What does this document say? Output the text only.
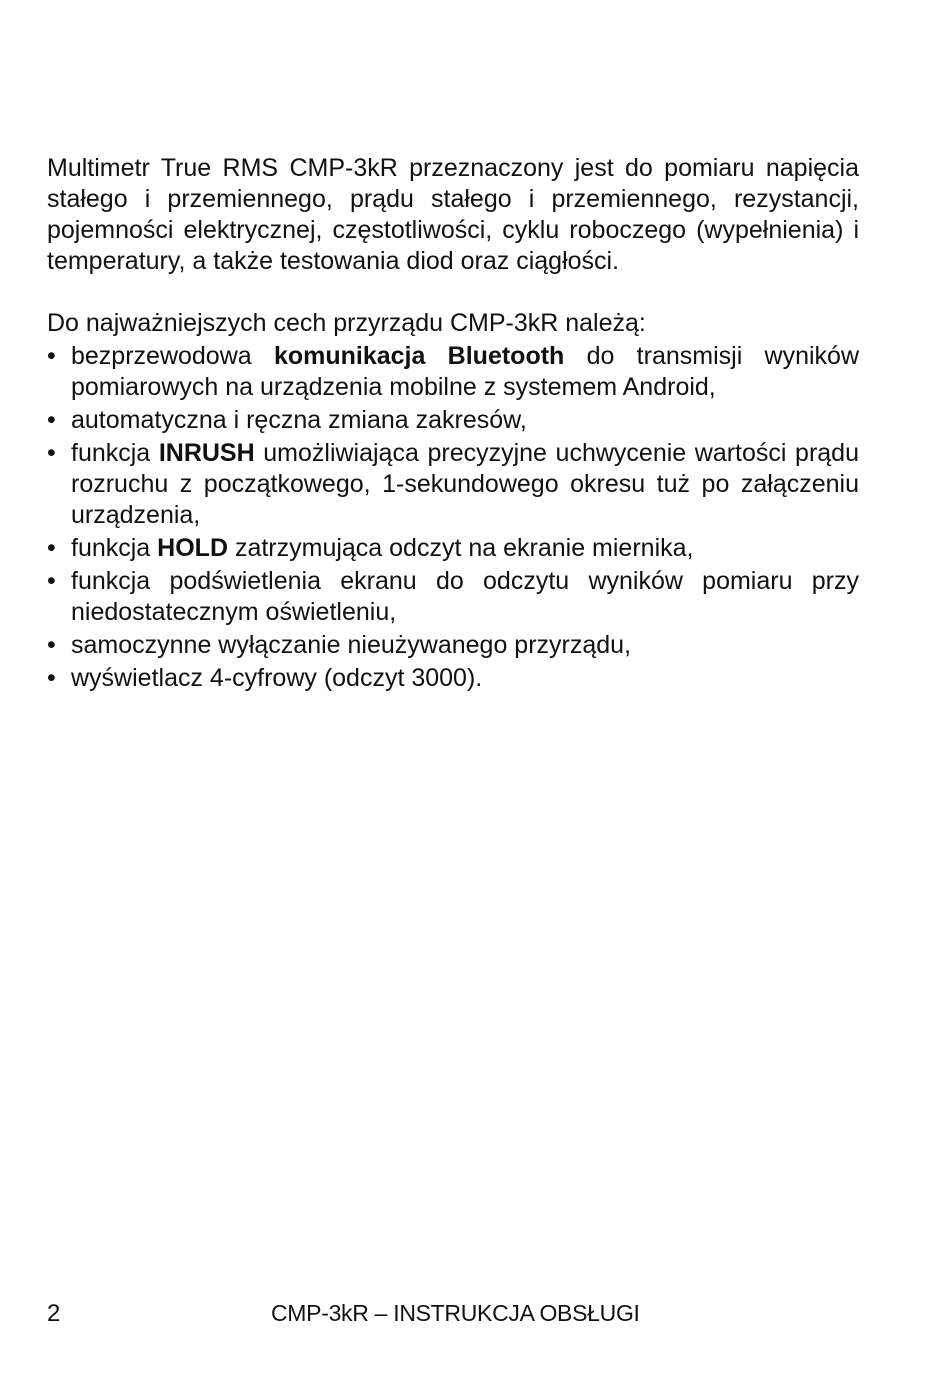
Multimetr True RMS CMP-3kR przeznaczony jest do pomiaru napięcia stałego i przemiennego, prądu stałego i przemiennego, rezystancji, pojemności elektrycznej, częstotliwości, cyklu roboczego (wypełnienia) i temperatury, a także testowania diod oraz ciągłości.

Do najważniejszych cech przyrządu CMP-3kR należą:

• bezprzewodowa komunikacja Bluetooth do transmisji wyników pomiarowych na urządzenia mobilne z systemem Android,
• automatyczna i ręczna zmiana zakresów,
• funkcja INRUSH umożliwiająca precyzyjne uchwycenie wartości prądu rozruchu z początkowego, 1-sekundowego okresu tuż po załączeniu urządzenia,
• funkcja HOLD zatrzymująca odczyt na ekranie miernika,
• funkcja podświetlenia ekranu do odczytu wyników pomiaru przy niedostatecznym oświetleniu,
• samoczynne wyłączanie nieużywanego przyrządu,
• wyświetlacz 4-cyfrowy (odczyt 3000).
2	CMP-3kR – INSTRUKCJA OBSŁUGI
